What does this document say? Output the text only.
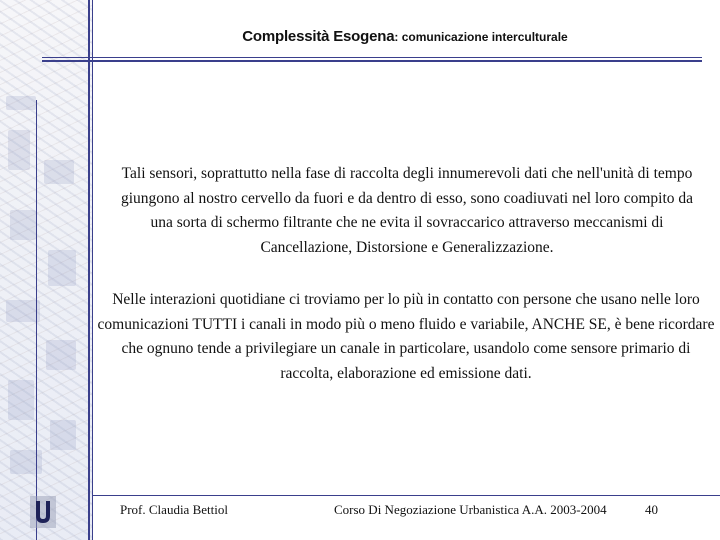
Complessità Esogena: comunicazione interculturale
Tali sensori, soprattutto nella fase di raccolta degli innumerevoli dati che nell'unità di tempo giungono al nostro cervello da fuori e da dentro di esso, sono coadiuvati nel loro compito da una sorta di schermo filtrante che ne evita il sovraccarico attraverso meccanismi di Cancellazione, Distorsione e Generalizzazione.
Nelle interazioni quotidiane ci troviamo per lo più in contatto con persone che usano nelle loro comunicazioni TUTTI i canali in modo più o meno fluido e variabile, ANCHE SE, è bene ricordare che ognuno tende a privilegiare un canale in particolare, usandolo come sensore primario di raccolta, elaborazione ed emissione dati.
Prof. Claudia Bettiol	Corso Di Negoziazione Urbanistica A.A. 2003-2004	40
